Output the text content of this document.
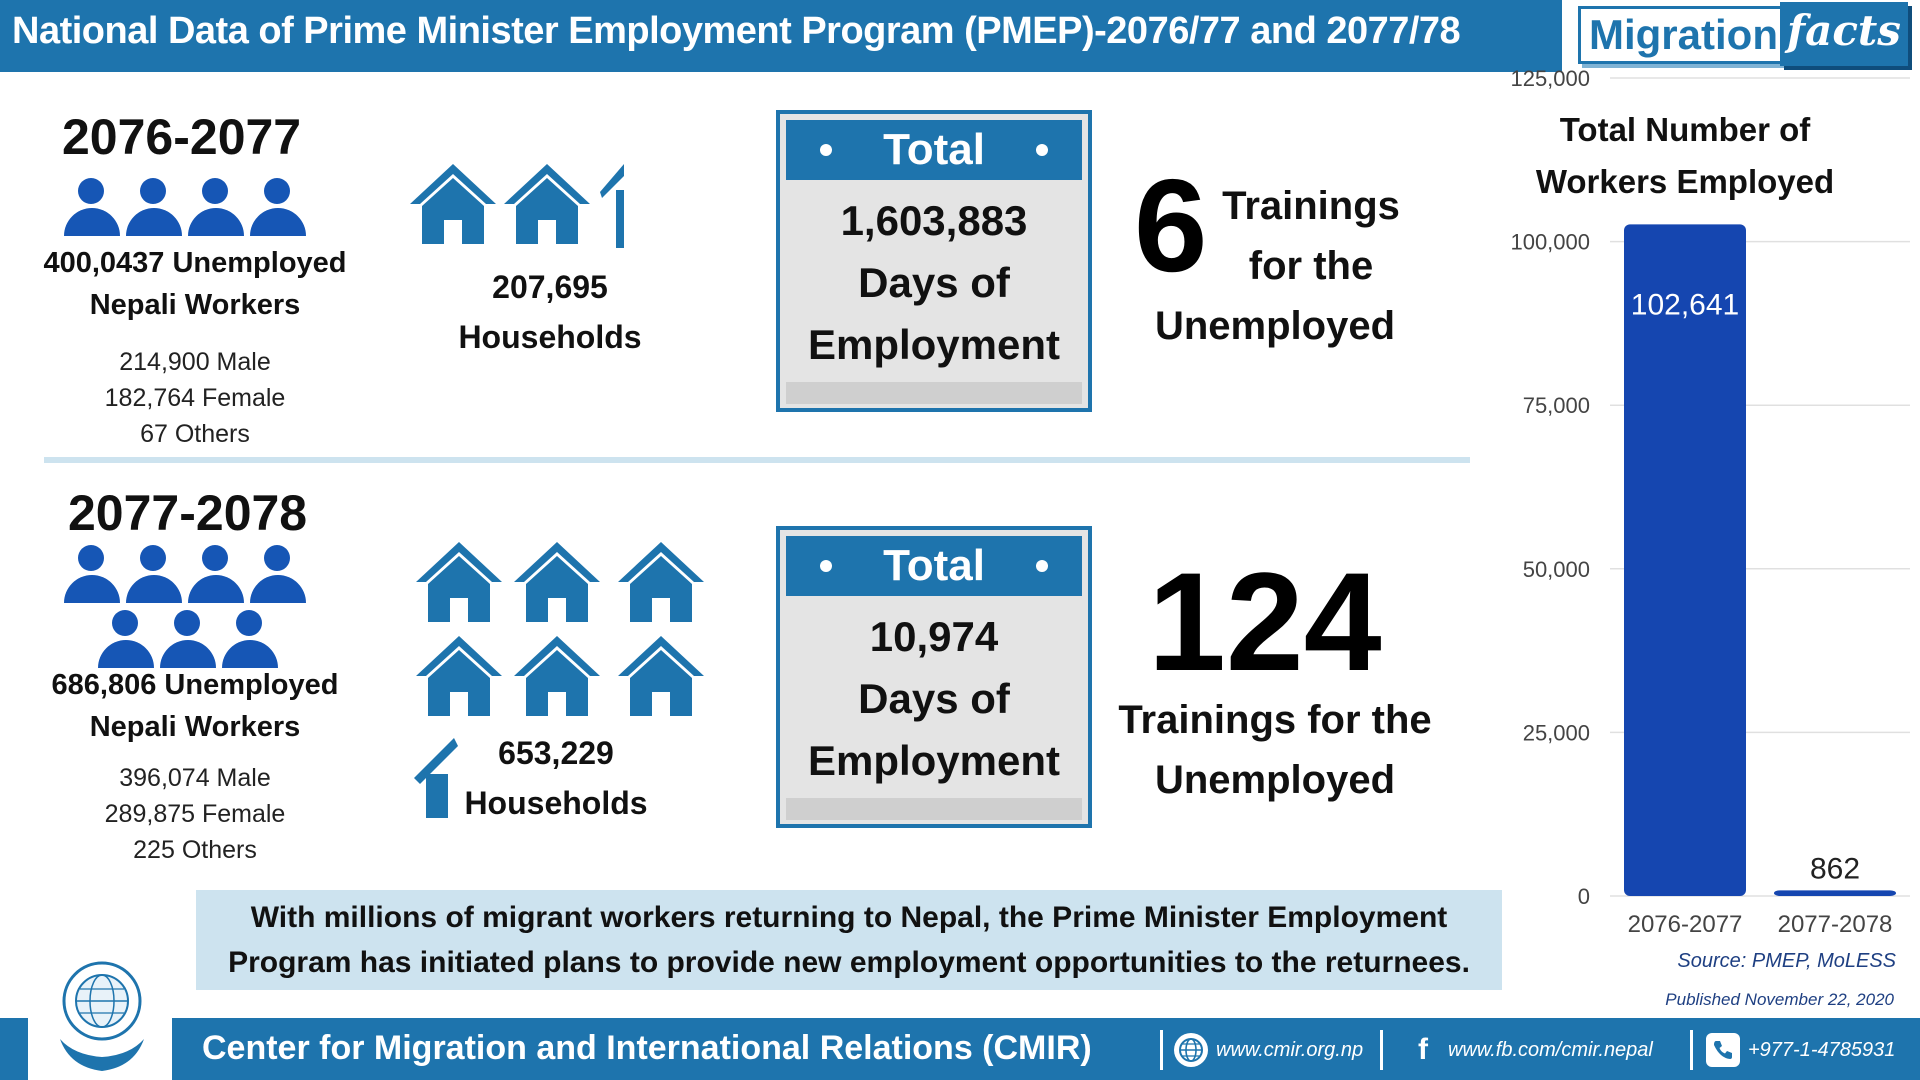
National Data of Prime Minister Employment Program (PMEP)-2076/77 and 2077/78	Migration facts
2076-2077
400,0437 Unemployed
Nepali Workers
214,900 Male
182,764 Female
67 Others
207,695
Households
Total
1,603,883
Days of
Employment
6 Trainings
for the
Unemployed
2077-2078
686,806 Unemployed
Nepali Workers
396,074 Male
289,875 Female
225 Others
653,229
Households
Total
10,974
Days of
Employment
124
Trainings for the
Unemployed
With millions of migrant workers returning to Nepal, the Prime Minister Employment
Program has initiated plans to provide new employment opportunities to the returnees.
Total Number of
Workers Employed
0
25,000
50,000
75,000
100,000
125,000
102,641
2076-2077
862
2077-2078
Source: PMEP, MoLESS
Published November 22, 2020
Center for Migration and International Relations (CMIR)	www.cmir.org.np	f	www.fb.com/cmir.nepal	+977-1-4785931
